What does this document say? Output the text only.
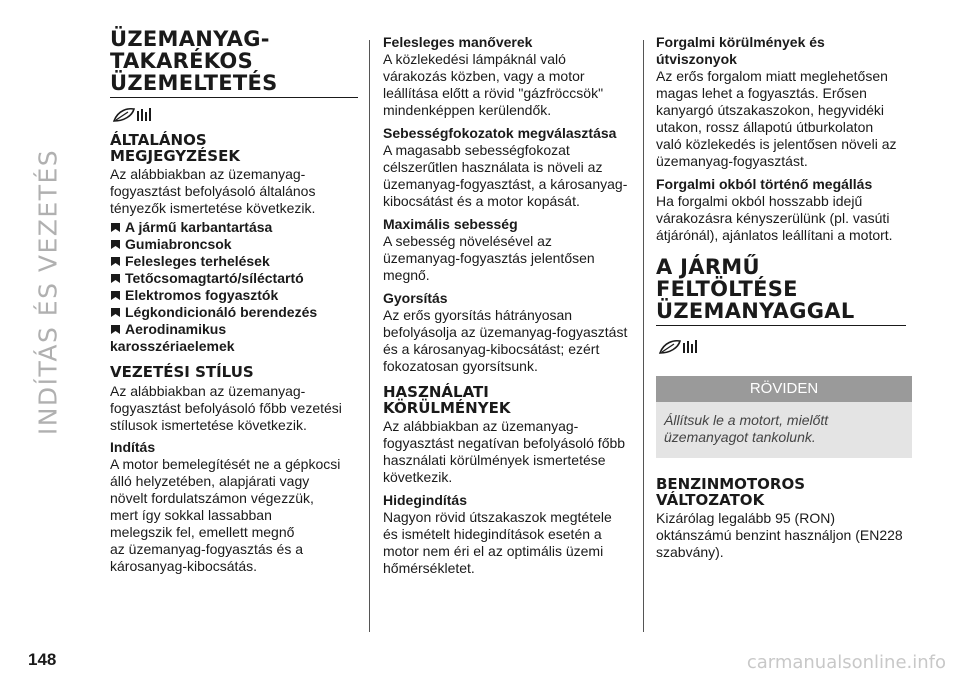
INDÍTÁS ÉS VEZETÉS
ÜZEMANYAG-
TAKARÉKOS
ÜZEMELTETÉS
ÁLTALÁNOS
MEGJEGYZÉSEK

Az alábbiakban az üzemanyag-
fogyasztást befolyásoló általános
tényezők ismertetése következik.

A jármű karbantartása
Gumiabroncsok
Felesleges terhelések
Tetőcsomagtartó/síléctartó
Elektromos fogyasztók
Légkondicionáló berendezés
Aerodinamikus
karosszériaelemek
VEZETÉSI STÍLUS

Az alábbiakban az üzemanyag-
fogyasztást befolyásoló főbb vezetési
stílusok ismertetése következik.

Indítás

A motor bemelegítését ne a gépkocsi
álló helyzetében, alapjárati vagy
növelt fordulatszámon végezzük,
mert így sokkal lassabban
melegszik fel, emellett megnő
az üzemanyag-fogyasztás és a
károsanyag-kibocsátás.

Felesleges manőverek

A közlekedési lámpáknál való
várakozás közben, vagy a motor
leállítása előtt a rövid "gázfröccsök"
mindenképpen kerülendők.

Sebességfokozatok megválasztása

A magasabb sebességfokozat
célszerűtlen használata is növeli az
üzemanyag-fogyasztást, a károsanyag-
kibocsátást és a motor kopását.

Maximális sebesség

A sebesség növelésével az
üzemanyag-fogyasztás jelentősen
megnő.

Gyorsítás

Az erős gyorsítás hátrányosan
befolyásolja az üzemanyag-fogyasztást
és a károsanyag-kibocsátást; ezért
fokozatosan gyorsítsunk.

HASZNÁLATI
KÖRÜLMÉNYEK

Az alábbiakban az üzemanyag-
fogyasztást negatívan befolyásoló főbb
használati körülmények ismertetése
következik.

Hidegindítás

Nagyon rövid útszakaszok megtétele
és ismételt hidegindítások esetén a
motor nem éri el az optimális üzemi
hőmérsékletet.

Forgalmi körülmények és
útviszonyok

Az erős forgalom miatt meglehetősen
magas lehet a fogyasztás. Erősen
kanyargó útszakaszokon, hegyvidéki
utakon, rossz állapotú útburkolaton
való közlekedés is jelentősen növeli az
üzemanyag-fogyasztást.

Forgalmi okból történő megállás

Ha forgalmi okból hosszabb idejű
várakozásra kényszerülünk (pl. vasúti
átjárónál), ajánlatos leállítani a motort.

A JÁRMŰ
FELTÖLTÉSE
ÜZEMANYAGGAL
RÖVIDEN
Állítsuk le a motort, mielőtt
üzemanyagot tankolunk.
BENZINMOTOROS
VÁLTOZATOK

Kizárólag legalább 95 (RON)
oktánszámú benzint használjon (EN228
szabvány).

148	carmanualsonline.info
